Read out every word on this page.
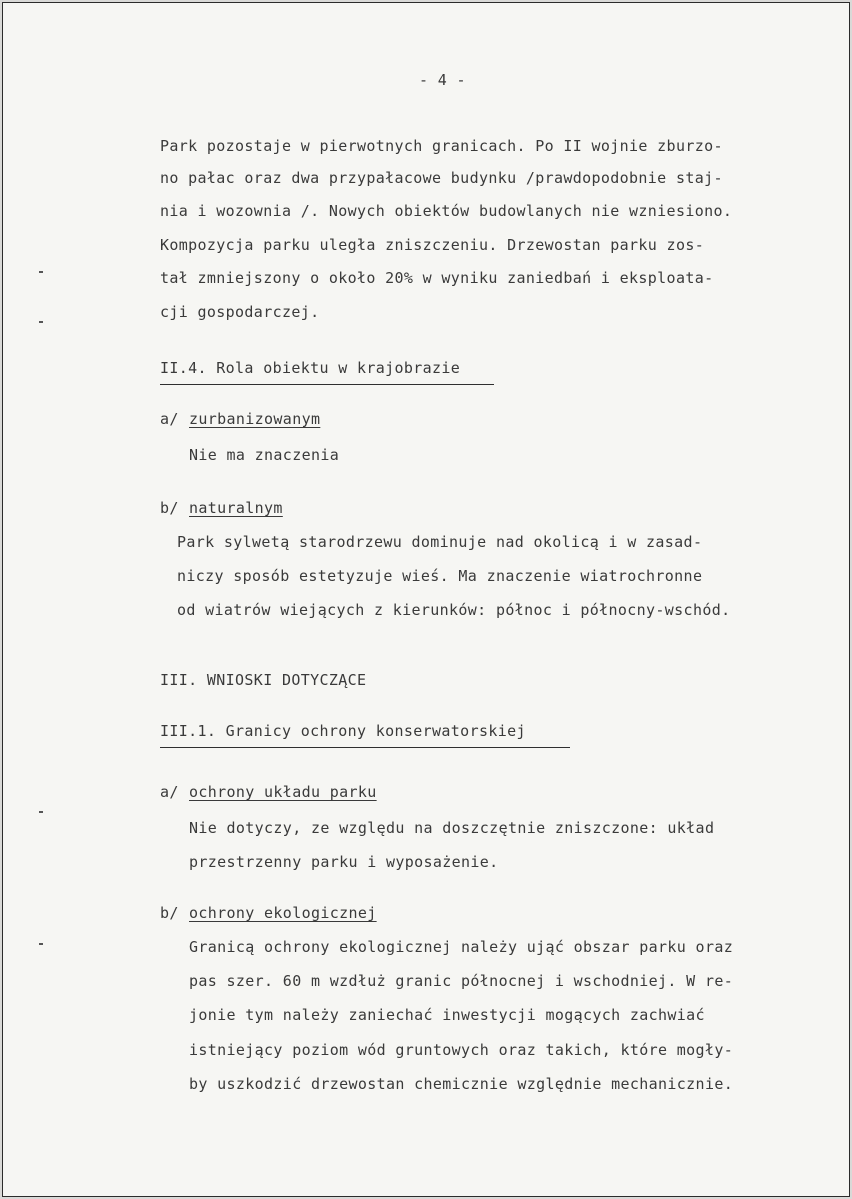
- 4 -
Park pozostaje w pierwotnych granicach. Po II wojnie zburzo-
no pałac oraz dwa przypałacowe budynku /prawdopodobnie staj-
nia i wozownia /. Nowych obiektów budowlanych nie wzniesiono.
Kompozycja parku uległa zniszczeniu. Drzewostan parku zos-
tał zmniejszony o około 20% w wyniku zaniedbań i eksploata-
cji gospodarczej.
II.4. Rola obiektu w krajobrazie
a/ zurbanizowanym
Nie ma znaczenia
b/ naturalnym
Park sylwetą starodrzewu dominuje nad okolicą i w zasad-
niczy sposób estetyzuje wieś. Ma znaczenie wiatrochronne
od wiatrów wiejących z kierunków: północ i północny-wschód.
III. WNIOSKI DOTYCZĄCE
III.1. Granicy ochrony konserwatorskiej
a/ ochrony układu parku
Nie dotyczy, ze względu na doszczętnie zniszczone: układ
przestrzenny parku i wyposażenie.
b/ ochrony ekologicznej
Granicą ochrony ekologicznej należy ująć obszar parku oraz
pas szer. 60 m wzdłuż granic północnej i wschodniej. W re-
jonie tym należy zaniechać inwestycji mogących zachwiać
istniejący poziom wód gruntowych oraz takich, które mogły-
by uszkodzić drzewostan chemicznie względnie mechanicznie.
